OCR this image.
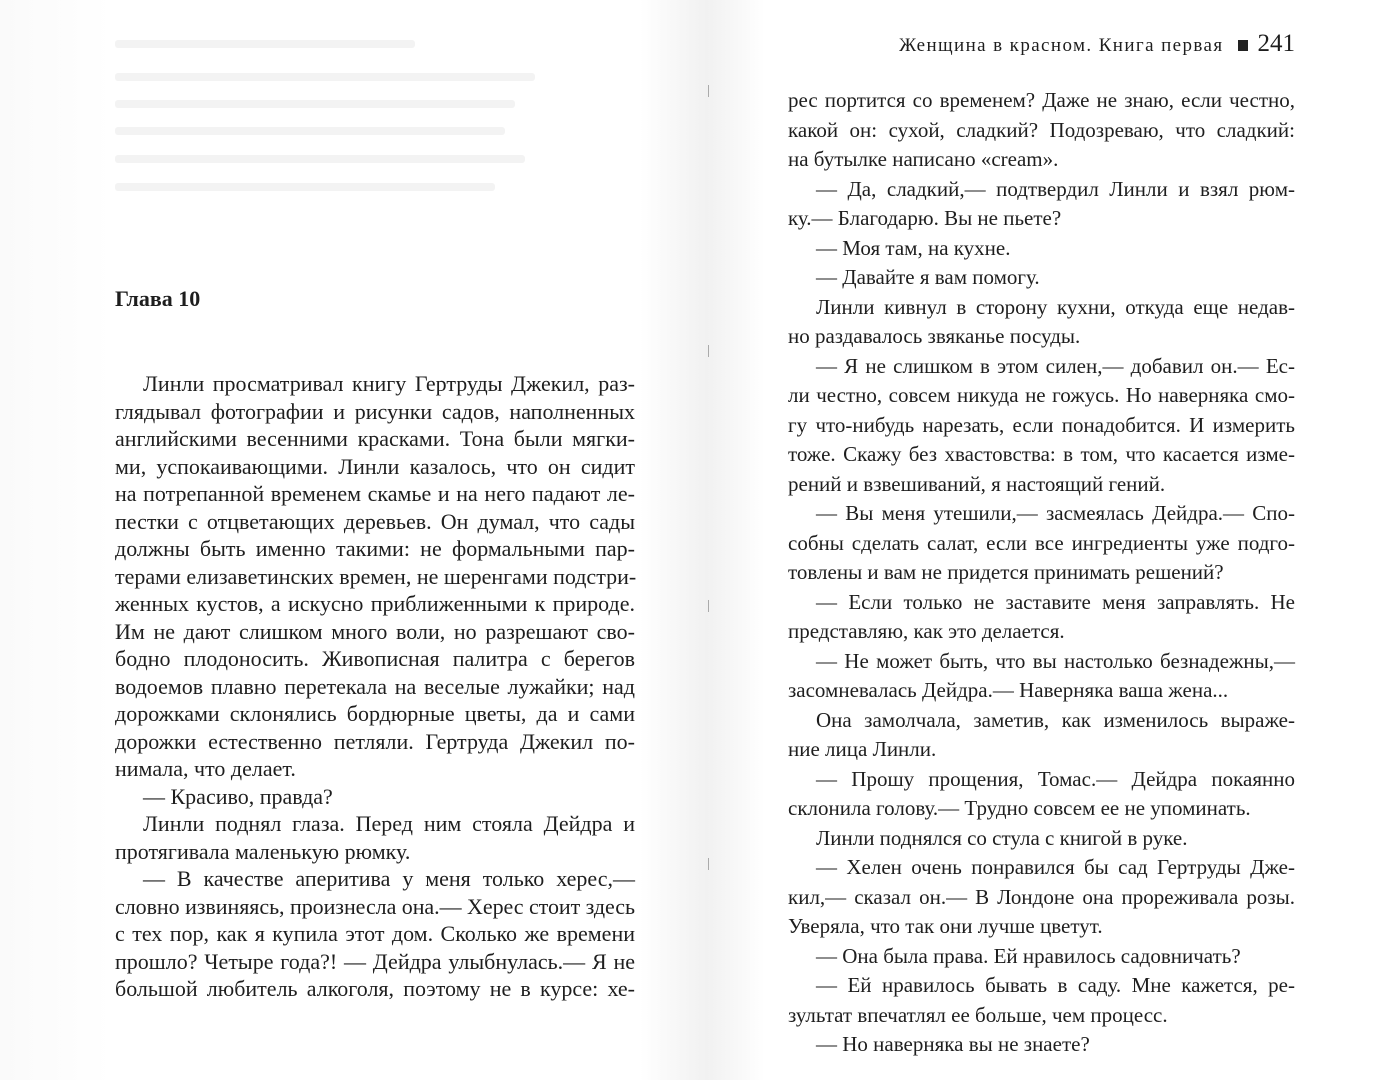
Женщина в красном. Книга первая 241
Глава 10
Линли просматривал книгу Гертруды Джекил, раз-
глядывал фотографии и рисунки садов, наполненных
английскими весенними красками. Тона были мягки-
ми, успокаивающими. Линли казалось, что он сидит
на потрепанной временем скамье и на него падают ле-
пестки с отцветающих деревьев. Он думал, что сады
должны быть именно такими: не формальными пар-
терами елизаветинских времен, не шеренгами подстри-
женных кустов, а искусно приближенными к природе.
Им не дают слишком много воли, но разрешают сво-
бодно плодоносить. Живописная палитра с берегов
водоемов плавно перетекала на веселые лужайки; над
дорожками склонялись бордюрные цветы, да и сами
дорожки естественно петляли. Гертруда Джекил по-
нимала, что делает.
— Красиво, правда?
Линли поднял глаза. Перед ним стояла Дейдра и
протягивала маленькую рюмку.
— В качестве аперитива у меня только херес,—
словно извиняясь, произнесла она.— Херес стоит здесь
с тех пор, как я купила этот дом. Сколько же времени
прошло? Четыре года?! — Дейдра улыбнулась.— Я не
большой любитель алкоголя, поэтому не в курсе: хе-
рес портится со временем? Даже не знаю, если честно,
какой он: сухой, сладкий? Подозреваю, что сладкий:
на бутылке написано «cream».
— Да, сладкий,— подтвердил Линли и взял рюм-
ку.— Благодарю. Вы не пьете?
— Моя там, на кухне.
— Давайте я вам помогу.
Линли кивнул в сторону кухни, откуда еще недав-
но раздавалось звяканье посуды.
— Я не слишком в этом силен,— добавил он.— Ес-
ли честно, совсем никуда не гожусь. Но наверняка смо-
гу что-нибудь нарезать, если понадобится. И измерить
тоже. Скажу без хвастовства: в том, что касается изме-
рений и взвешиваний, я настоящий гений.
— Вы меня утешили,— засмеялась Дейдра.— Спо-
собны сделать салат, если все ингредиенты уже подго-
товлены и вам не придется принимать решений?
— Если только не заставите меня заправлять. Не
представляю, как это делается.
— Не может быть, что вы настолько безнадежны,—
засомневалась Дейдра.— Наверняка ваша жена...
Она замолчала, заметив, как изменилось выраже-
ние лица Линли.
— Прошу прощения, Томас.— Дейдра покаянно
склонила голову.— Трудно совсем ее не упоминать.
Линли поднялся со стула с книгой в руке.
— Хелен очень понравился бы сад Гертруды Дже-
кил,— сказал он.— В Лондоне она прореживала розы.
Уверяла, что так они лучше цветут.
— Она была права. Ей нравилось садовничать?
— Ей нравилось бывать в саду. Мне кажется, ре-
зультат впечатлял ее больше, чем процесс.
— Но наверняка вы не знаете?
